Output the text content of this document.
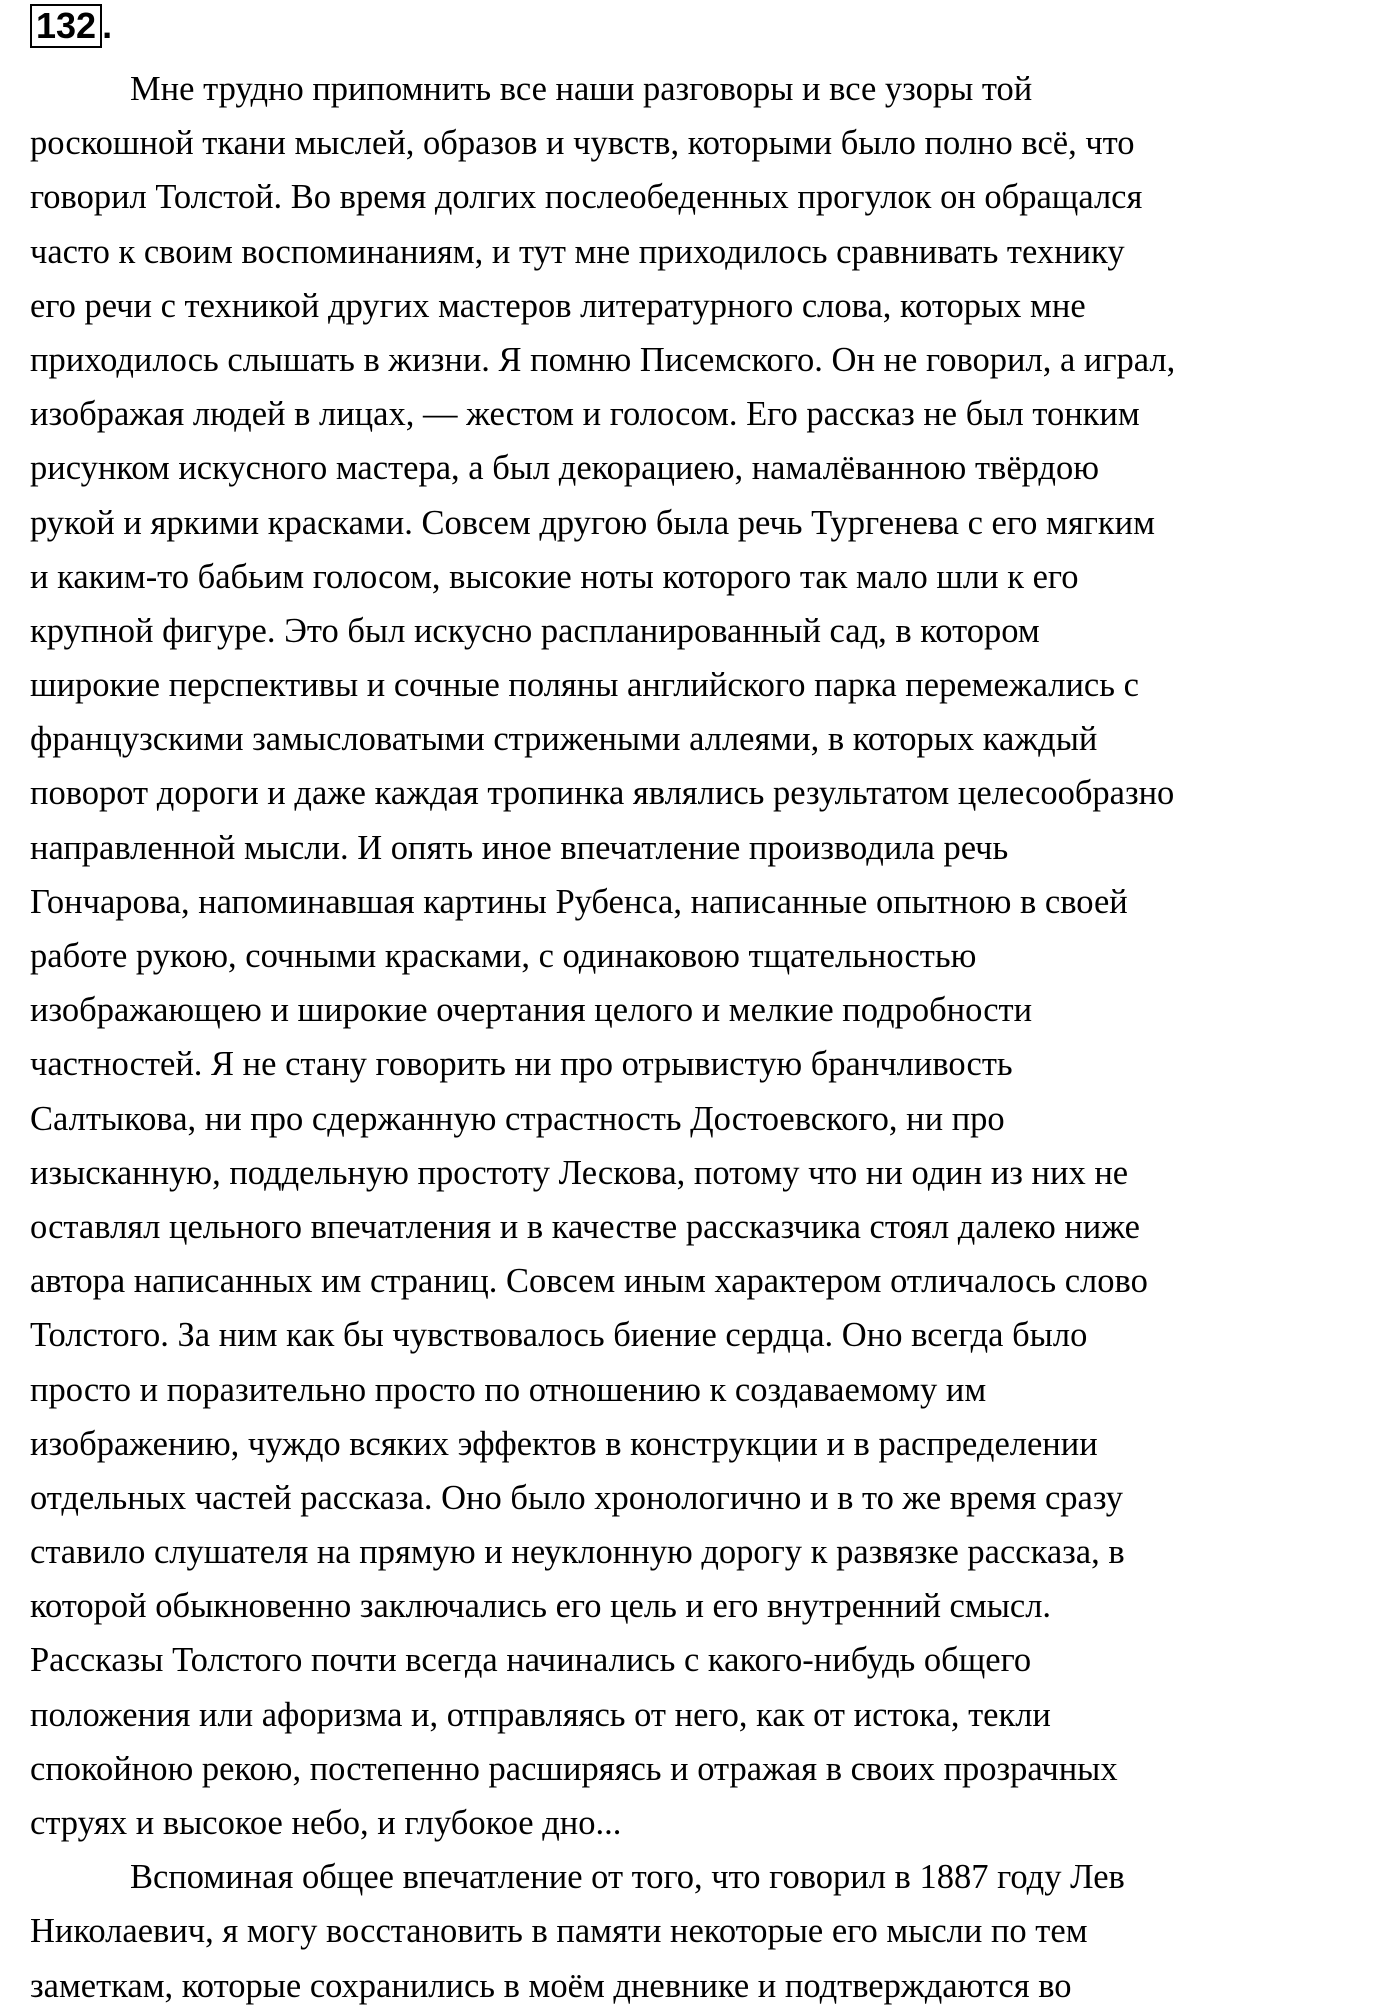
132 .
Мне трудно припомнить все наши разговоры и все узоры той
роскошной ткани мыслей, образов и чувств, которыми было полно всё, что
говорил Толстой. Во время долгих послеобеденных прогулок он обращался
часто к своим воспоминаниям, и тут мне приходилось сравнивать технику
его речи с техникой других мастеров литературного слова, которых мне
приходилось слышать в жизни. Я помню Писемского. Он не говорил, а играл,
изображая людей в лицах, — жестом и голосом. Его рассказ не был тонким
рисунком искусного мастера, а был декорациею, намалёванною твёрдою
рукой и яркими красками. Совсем другою была речь Тургенева с его мягким
и каким-то бабьим голосом, высокие ноты которого так мало шли к его
крупной фигуре. Это был искусно распланированный сад, в котором
широкие перспективы и сочные поляны английского парка перемежались с
французскими замысловатыми стрижеными аллеями, в которых каждый
поворот дороги и даже каждая тропинка являлись результатом целесообразно
направленной мысли. И опять иное впечатление производила речь
Гончарова, напоминавшая картины Рубенса, написанные опытною в своей
работе рукою, сочными красками, с одинаковою тщательностью
изображающею и широкие очертания целого и мелкие подробности
частностей. Я не стану говорить ни про отрывистую бранчливость
Салтыкова, ни про сдержанную страстность Достоевского, ни про
изысканную, поддельную простоту Лескова, потому что ни один из них не
оставлял цельного впечатления и в качестве рассказчика стоял далеко ниже
автора написанных им страниц. Совсем иным характером отличалось слово
Толстого. За ним как бы чувствовалось биение сердца. Оно всегда было
просто и поразительно просто по отношению к создаваемому им
изображению, чуждо всяких эффектов в конструкции и в распределении
отдельных частей рассказа. Оно было хронологично и в то же время сразу
ставило слушателя на прямую и неуклонную дорогу к развязке рассказа, в
которой обыкновенно заключались его цель и его внутренний смысл.
Рассказы Толстого почти всегда начинались с какого-нибудь общего
положения или афоризма и, отправляясь от него, как от истока, текли
спокойною рекою, постепенно расширяясь и отражая в своих прозрачных
струях и высокое небо, и глубокое дно...
Вспоминая общее впечатление от того, что говорил в 1887 году Лев
Николаевич, я могу восстановить в памяти некоторые его мысли по тем
заметкам, которые сохранились в моём дневнике и подтверждаются во
